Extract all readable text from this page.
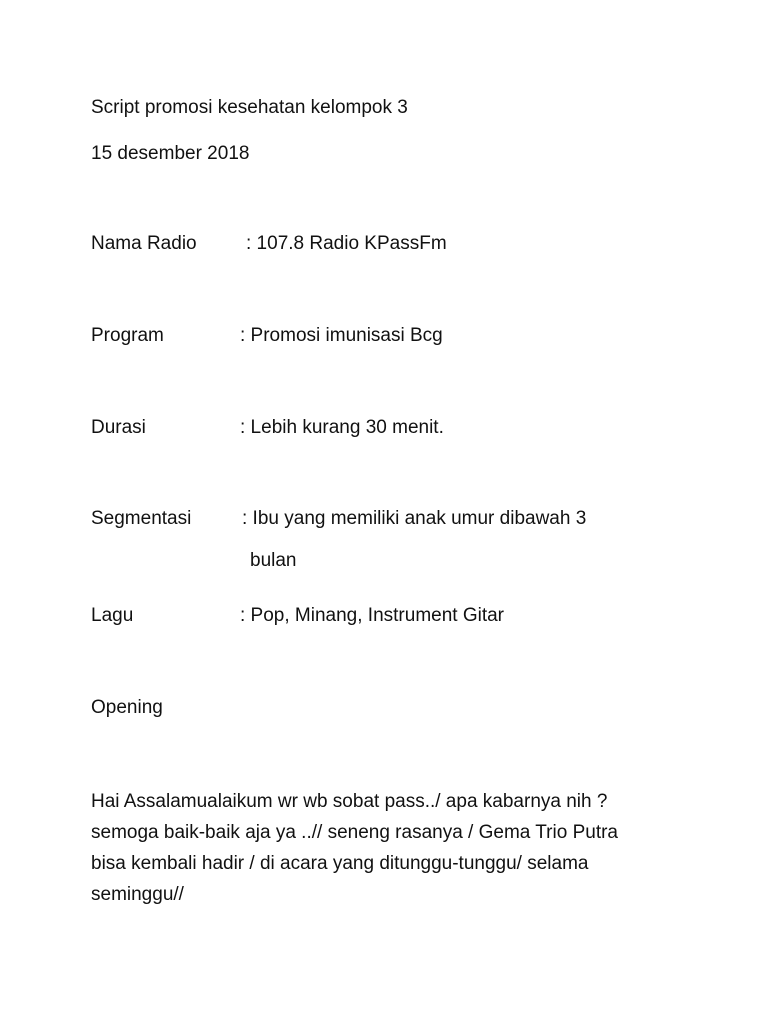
Script promosi kesehatan kelompok 3
15 desember 2018
Nama Radio	: 107.8 Radio KPassFm
Program	: Promosi imunisasi Bcg
Durasi	: Lebih kurang 30 menit.
Segmentasi	: Ibu yang memiliki anak umur dibawah 3
bulan
Lagu	: Pop, Minang, Instrument Gitar
Opening
Hai Assalamualaikum wr wb sobat pass../ apa kabarnya nih ?
semoga baik-baik aja ya ..// seneng rasanya / Gema Trio Putra
bisa kembali hadir / di acara yang ditunggu-tunggu/ selama
seminggu//
